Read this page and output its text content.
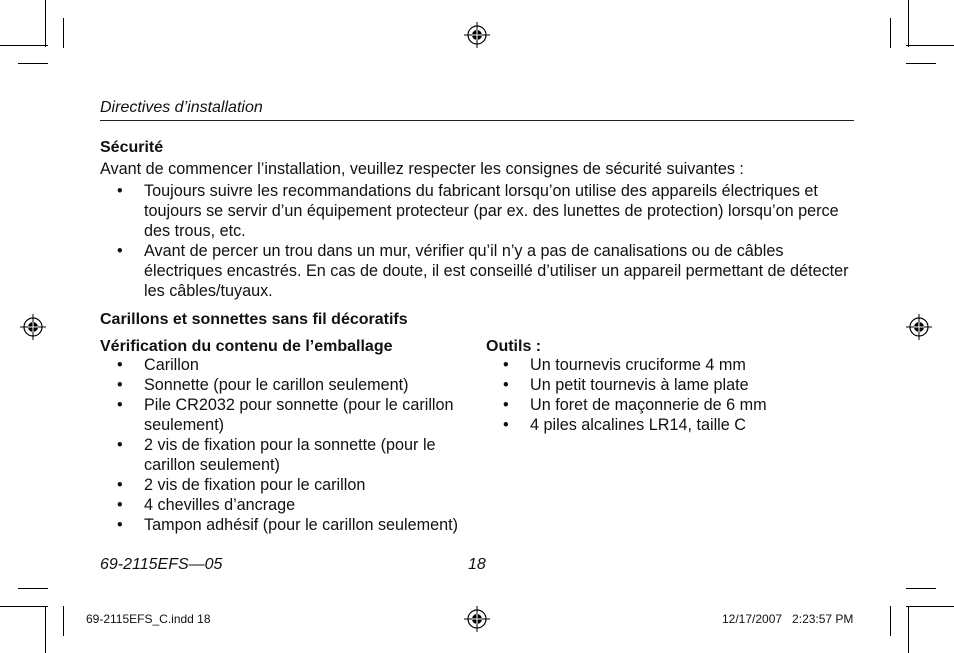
Directives d’installation
Sécurité
Avant de commencer l’installation, veuillez respecter les consignes de sécurité suivantes :
• Toujours suivre les recommandations du fabricant lorsqu’on utilise des appareils électriques et toujours se servir d’un équipement protecteur (par ex. des lunettes de protection) lorsqu’on perce des trous, etc.
• Avant de percer un trou dans un mur, vérifier qu’il n’y a pas de canalisations ou de câbles électriques encastrés. En cas de doute, il est conseillé d’utiliser un appareil permettant de détecter les câbles/tuyaux.
Carillons et sonnettes sans fil décoratifs
Vérification du contenu de l’emballage
• Carillon
• Sonnette (pour le carillon seulement)
• Pile CR2032 pour sonnette (pour le carillon seulement)
• 2 vis de fixation pour la sonnette (pour le carillon seulement)
• 2 vis de fixation pour le carillon
• 4 chevilles d’ancrage
• Tampon adhésif (pour le carillon seulement)
Outils :
• Un tournevis cruciforme 4 mm
• Un petit tournevis à lame plate
• Un foret de maçonnerie de 6 mm
• 4 piles alcalines LR14, taille C
69-2115EFS—05	18
69-2115EFS_C.indd 18	12/17/2007   2:23:57 PM
